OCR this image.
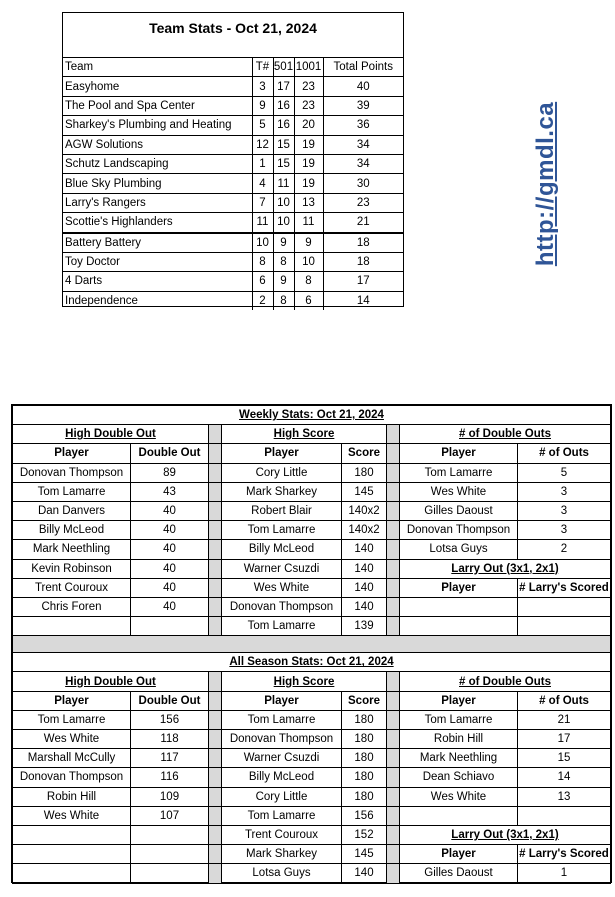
Team Stats - Oct 21, 2024
Team	T#	501	1001	Total Points
Easyhome	3	17	23	40
The Pool and Spa Center	9	16	23	39
Sharkey's Plumbing and Heating	5	16	20	36
AGW Solutions	12	15	19	34
Schutz Landscaping	1	15	19	34
Blue Sky Plumbing	4	11	19	30
Larry's Rangers	7	10	13	23
Scottie's Highlanders	11	10	11	21
Battery Battery	10	9	9	18
Toy Doctor	8	8	10	18
4 Darts	6	9	8	17
Independence	2	8	6	14
http://gmdl.ca
Weekly Stats: Oct 21, 2024							
High Double Out			High Score			# of Double Outs	
Player	Double Out		Player	Score		Player	# of Outs
Donovan Thompson	89		Cory Little	180		Tom Lamarre	5
Tom Lamarre	43		Mark Sharkey	145		Wes White	3
Dan Danvers	40		Robert Blair	140x2		Gilles Daoust	3
Billy McLeod	40		Tom Lamarre	140x2		Donovan Thompson	3
Mark Neethling	40		Billy McLeod	140		Lotsa Guys	2
Kevin Robinson	40		Warner Csuzdi	140		Larry Out (3x1, 2x1)	
Trent Couroux	40		Wes White	140		Player	# Larry's Scored
Chris Foren	40		Donovan Thompson	140			
			Tom Lamarre	139			

All Season Stats: Oct 21, 2024							
High Double Out			High Score			# of Double Outs	
Player	Double Out		Player	Score		Player	# of Outs
Tom Lamarre	156		Tom Lamarre	180		Tom Lamarre	21
Wes White	118		Donovan Thompson	180		Robin Hill	17
Marshall McCully	117		Warner Csuzdi	180		Mark Neethling	15
Donovan Thompson	116		Billy McLeod	180		Dean Schiavo	14
Robin Hill	109		Cory Little	180		Wes White	13
Wes White	107		Tom Lamarre	156			
			Trent Couroux	152		Larry Out (3x1, 2x1)	
			Mark Sharkey	145		Player	# Larry's Scored
			Lotsa Guys	140		Gilles Daoust	1
